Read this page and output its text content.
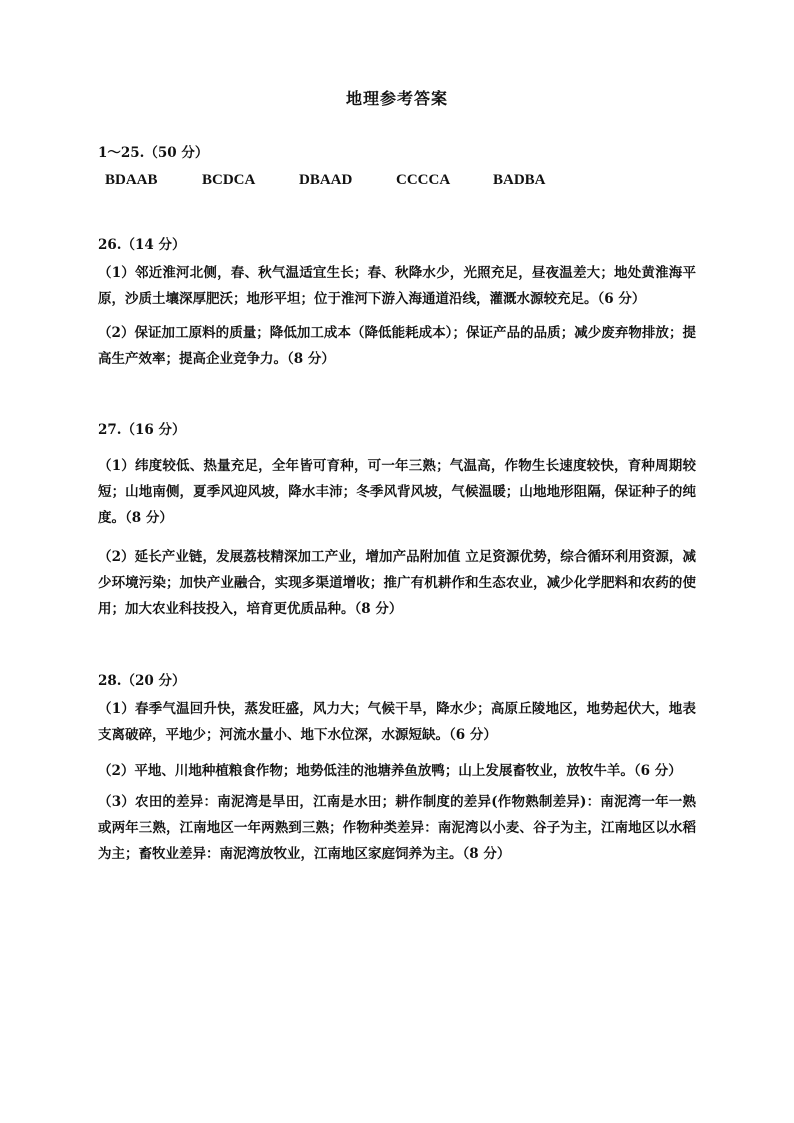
地理参考答案
1～25.（50 分）
BDAAB	BCDCA	DBAAD	CCCCA	BADBA
26.（14 分）
（1）邻近淮河北侧，春、秋气温适宜生长；春、秋降水少，光照充足，昼夜温差大；地处黄淮海平原，沙质土壤深厚肥沃；地形平坦；位于淮河下游入海通道沿线，灌溉水源较充足。（6 分）
（2）保证加工原料的质量；降低加工成本（降低能耗成本）；保证产品的品质；减少废弃物排放；提高生产效率；提高企业竞争力。（8 分）
27.（16 分）
（1）纬度较低、热量充足，全年皆可育种，可一年三熟；气温高，作物生长速度较快，育种周期较短；山地南侧，夏季风迎风坡，降水丰沛；冬季风背风坡，气候温暖；山地地形阻隔，保证种子的纯度。（8 分）
（2）延长产业链，发展荔枝精深加工产业，增加产品附加值 立足资源优势，综合循环利用资源，减少环境污染；加快产业融合，实现多渠道增收；推广有机耕作和生态农业，减少化学肥料和农药的使用；加大农业科技投入，培育更优质品种。（8 分）
28.（20 分）
（1）春季气温回升快，蒸发旺盛，风力大；气候干旱，降水少；高原丘陵地区，地势起伏大，地表支离破碎，平地少；河流水量小、地下水位深，水源短缺。（6 分）
（2）平地、川地种植粮食作物；地势低洼的池塘养鱼放鸭；山上发展畜牧业，放牧牛羊。（6 分）
（3）农田的差异：南泥湾是旱田，江南是水田；耕作制度的差异(作物熟制差异)：南泥湾一年一熟或两年三熟，江南地区一年两熟到三熟；作物种类差异：南泥湾以小麦、谷子为主，江南地区以水稻为主；畜牧业差异：南泥湾放牧业，江南地区家庭饲养为主。（8 分）
